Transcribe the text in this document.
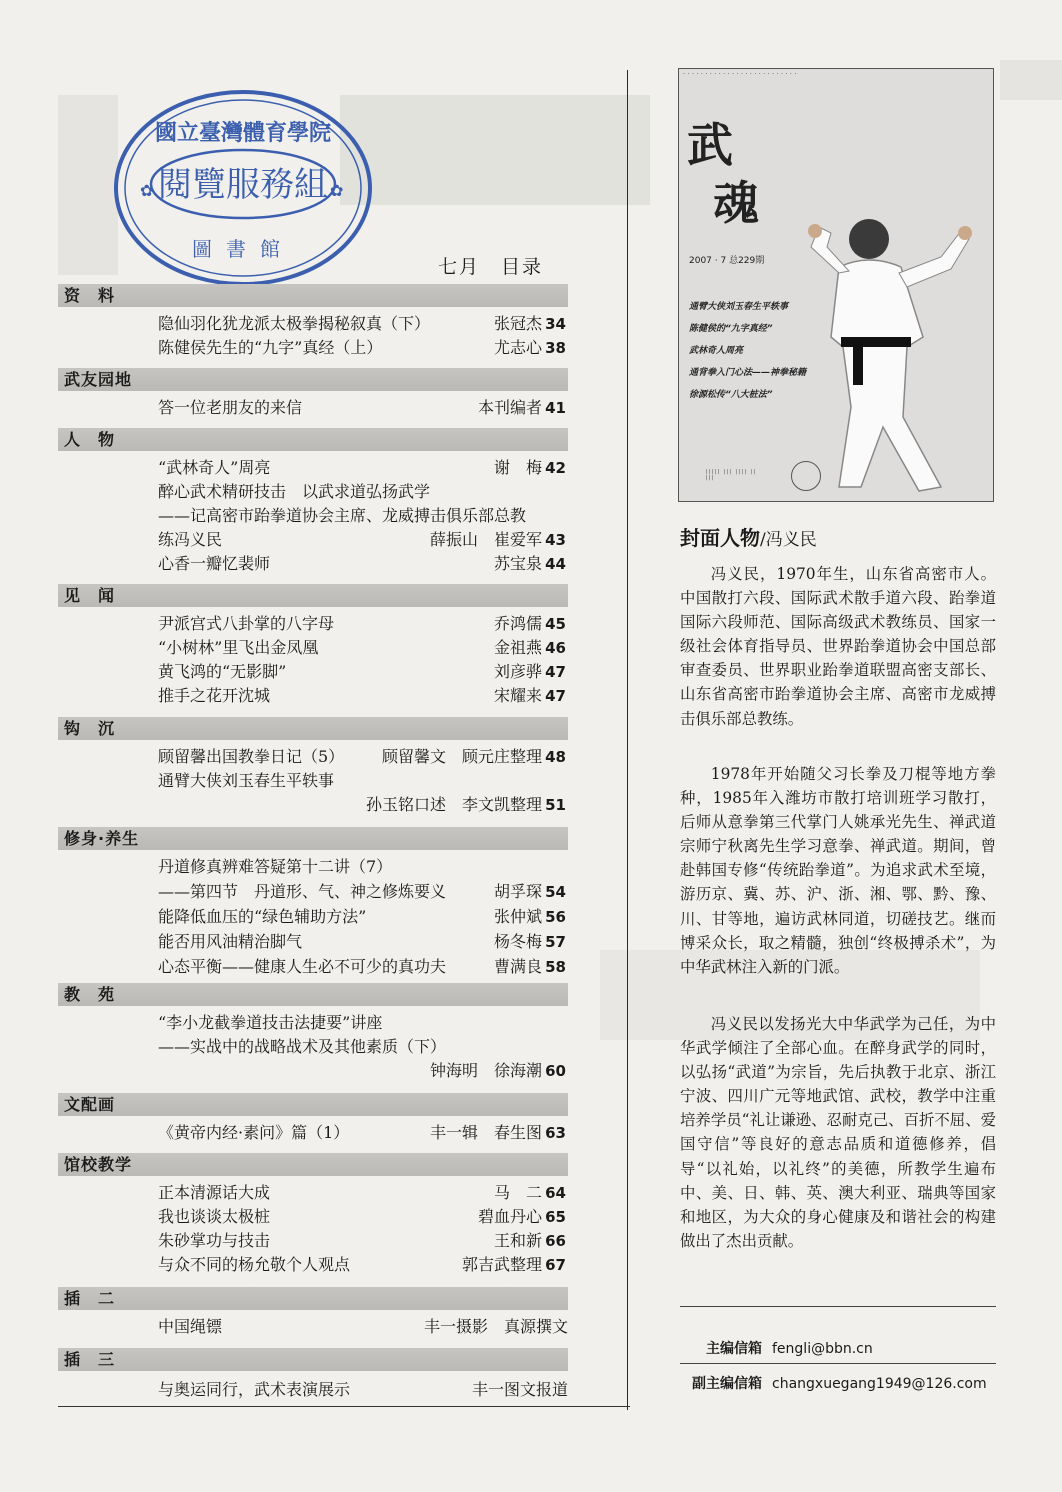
國立臺灣體育學院
閱覽服務組
圖書館
✿	✿
七月　目录
资　料
隐仙羽化犹龙派太极拳揭秘叙真（下）	张冠杰 34
陈健侯先生的“九字”真经（上）	尤志心 38
武友园地
答一位老朋友的来信	本刊编者 41
人　物
“武林奇人”周亮	谢　梅 42
醉心武术精研技击　以武求道弘扬武学
——记高密市跆拳道协会主席、龙威搏击俱乐部总教
练冯义民	薛振山　崔爱军 43
心香一瓣忆裴师	苏宝泉 44
见　闻
尹派宫式八卦掌的八字母	乔鸿儒 45
“小树林”里飞出金凤凰	金祖燕 46
黄飞鸿的“无影脚”	刘彦骅 47
推手之花开沈城	宋耀来 47
钩　沉
顾留馨出国教拳日记（5） 顾留馨文　顾元庄整理 48
通臂大侠刘玉春生平轶事
孙玉铭口述　李文凯整理 51
修身·养生
丹道修真辨难答疑第十二讲（7）
——第四节　丹道形、气、神之修炼要义	胡孚琛 54
能降低血压的“绿色辅助方法”	张仲斌 56
能否用风油精治脚气	杨冬梅 57
心态平衡——健康人生必不可少的真功夫	曹满良 58
教　苑
“李小龙截拳道技击法捷要”讲座
——实战中的战略战术及其他素质（下）
钟海明　徐海潮 60
文配画
《黄帝内经·素问》篇（1）	丰一辑　春生图 63
馆校教学
正本清源话大成	马　二 64
我也谈谈太极桩	碧血丹心 65
朱砂掌功与技击	王和新 66
与众不同的杨允敬个人观点	郭吉武整理 67
插　二
中国绳镖	丰一摄影　真源撰文
插　三
与奥运同行，武术表演展示	丰一图文报道
· · · · · · · · · · · · · · · · · · · · · · · · · ·
武
魂
2007 · 7 总229期
通臂大侠刘玉春生平轶事
陈健侯的“九字真经”
武林奇人周亮
通背拳入门心法——神拳秘籍
徐源松传“八大桩法”
||||| ||| |||| || |||
封面人物/冯义民
冯义民，1970年生，山东省高密市人。中国散打六段、国际武术散手道六段、跆拳道国际六段师范、国际高级武术教练员、国家一级社会体育指导员、世界跆拳道协会中国总部审查委员、世界职业跆拳道联盟高密支部长、山东省高密市跆拳道协会主席、高密市龙威搏击俱乐部总教练。
1978年开始随父习长拳及刀棍等地方拳种，1985年入潍坊市散打培训班学习散打，后师从意拳第三代掌门人姚承光先生、禅武道宗师宁秋离先生学习意拳、禅武道。期间，曾赴韩国专修“传统跆拳道”。为追求武术至境，游历京、冀、苏、沪、浙、湘、鄂、黔、豫、川、甘等地，遍访武林同道，切磋技艺。继而博采众长，取之精髓，独创“终极搏杀术”，为中华武林注入新的门派。
冯义民以发扬光大中华武学为己任，为中华武学倾注了全部心血。在醉身武学的同时，以弘扬“武道”为宗旨，先后执教于北京、浙江宁波、四川广元等地武馆、武校，教学中注重培养学员“礼让谦逊、忍耐克己、百折不屈、爱国守信”等良好的意志品质和道德修养，倡导“以礼始，以礼终”的美德，所教学生遍布中、美、日、韩、英、澳大利亚、瑞典等国家和地区，为大众的身心健康及和谐社会的构建做出了杰出贡献。
主编信箱 fengli@bbn.cn
副主编信箱 changxuegang1949@126.com
